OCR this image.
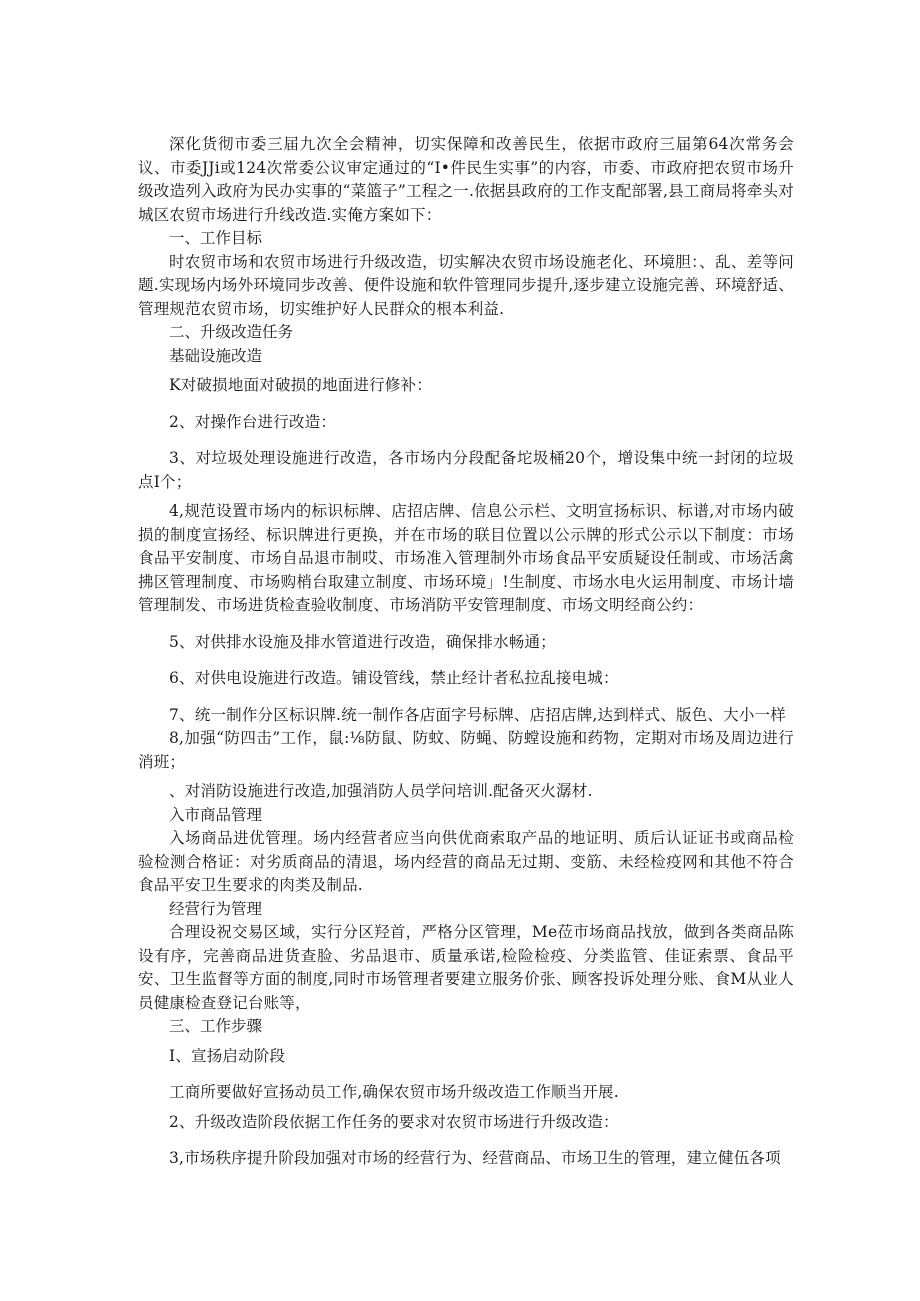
深化货彻市委三届九次全会精神，切实保障和改善民生，依据市政府三届第64次常务会议、市委JJi或124次常委公议审定通过的“I•件民生实事”的内容，市委、市政府把农贸市场升级改造列入政府为民办实事的“菜篮子”工程之一.依据县政府的工作支配部署,县工商局将牵头对城区农贸市场进行升线改造.实俺方案如下：

一、工作目标

时农贸市场和农贸市场进行升级改造，切实解决农贸市场设施老化、环境胆：、乱、差等问题.实现场内场外环境同步改善、便件设施和软件管理同步提升,逐步建立设施完善、环境舒适、管理规范农贸市场，切实维护好人民群众的根本利益.

二、升级改造任务

基础设施改造

K对破损地面对破损的地面进行修补：

2、对操作台进行改造：

3、对垃圾处理设施进行改造，各市场内分段配备坨圾桶20个，增设集中统一封闭的垃圾点I个；

4,规范设置市场内的标识标牌、店招店牌、信息公示栏、文明宣扬标识、标谱,对市场内破损的制度宣扬经、标识牌进行更换，并在市场的联目位置以公示牌的形式公示以下制度：市场食品平安制度、市场自品退市制哎、市场准入管理制外市场食品平安质疑设任制或、市场活禽拂区管理制度、市场购梢台取建立制度、市场环境」!生制度、市场水电火运用制度、市场计墙管理制发、市场进货检查验收制度、市场消防平安管理制度、市场文明经商公约：

5、对供排水设施及排水管道进行改造，确保排水畅通；

6、对供电设施进行改造。铺设管线，禁止经计者私拉乱接电城：

7、统一制作分区标识牌.统一制作各店面字号标牌、店招店牌,达到样式、版色、大小一样

8,加强“防四击”工作，鼠:⅛防鼠、防蚊、防蝇、防螳设施和药物，定期对市场及周边进行消班；

、对消防设施进行改造,加强消防人员学问培训.配备灭火潺材.

入市商品管理

入场商品进优管理。场内经营者应当向供优商索取产品的地证明、质后认证证书或商品检验检测合格证：对劣质商品的清退，场内经营的商品无过期、变筋、未经检疫网和其他不符合食品平安卫生要求的肉类及制品.

经营行为管理

合理设祝交易区域，实行分区羟首，严格分区管理，Me莅市场商品找放，做到各类商品陈设有序，完善商品进货查脸、劣品退市、质量承诺,检险检疫、分类监管、佳证索票、食品平安、卫生监督等方面的制度,同时市场管理者要建立服务价张、顾客投诉处理分账、食M从业人员健康检查登记台账等，

三、工作步骤

I、宣扬启动阶段

工商所要做好宣扬动员工作,确保农贸市场升级改造工作顺当开展.

2、升级改造阶段依据工作任务的要求对农贸市场进行升级改造：

3,市场秩序提升阶段加强对市场的经营行为、经营商品、市场卫生的管理，建立健伍各项
